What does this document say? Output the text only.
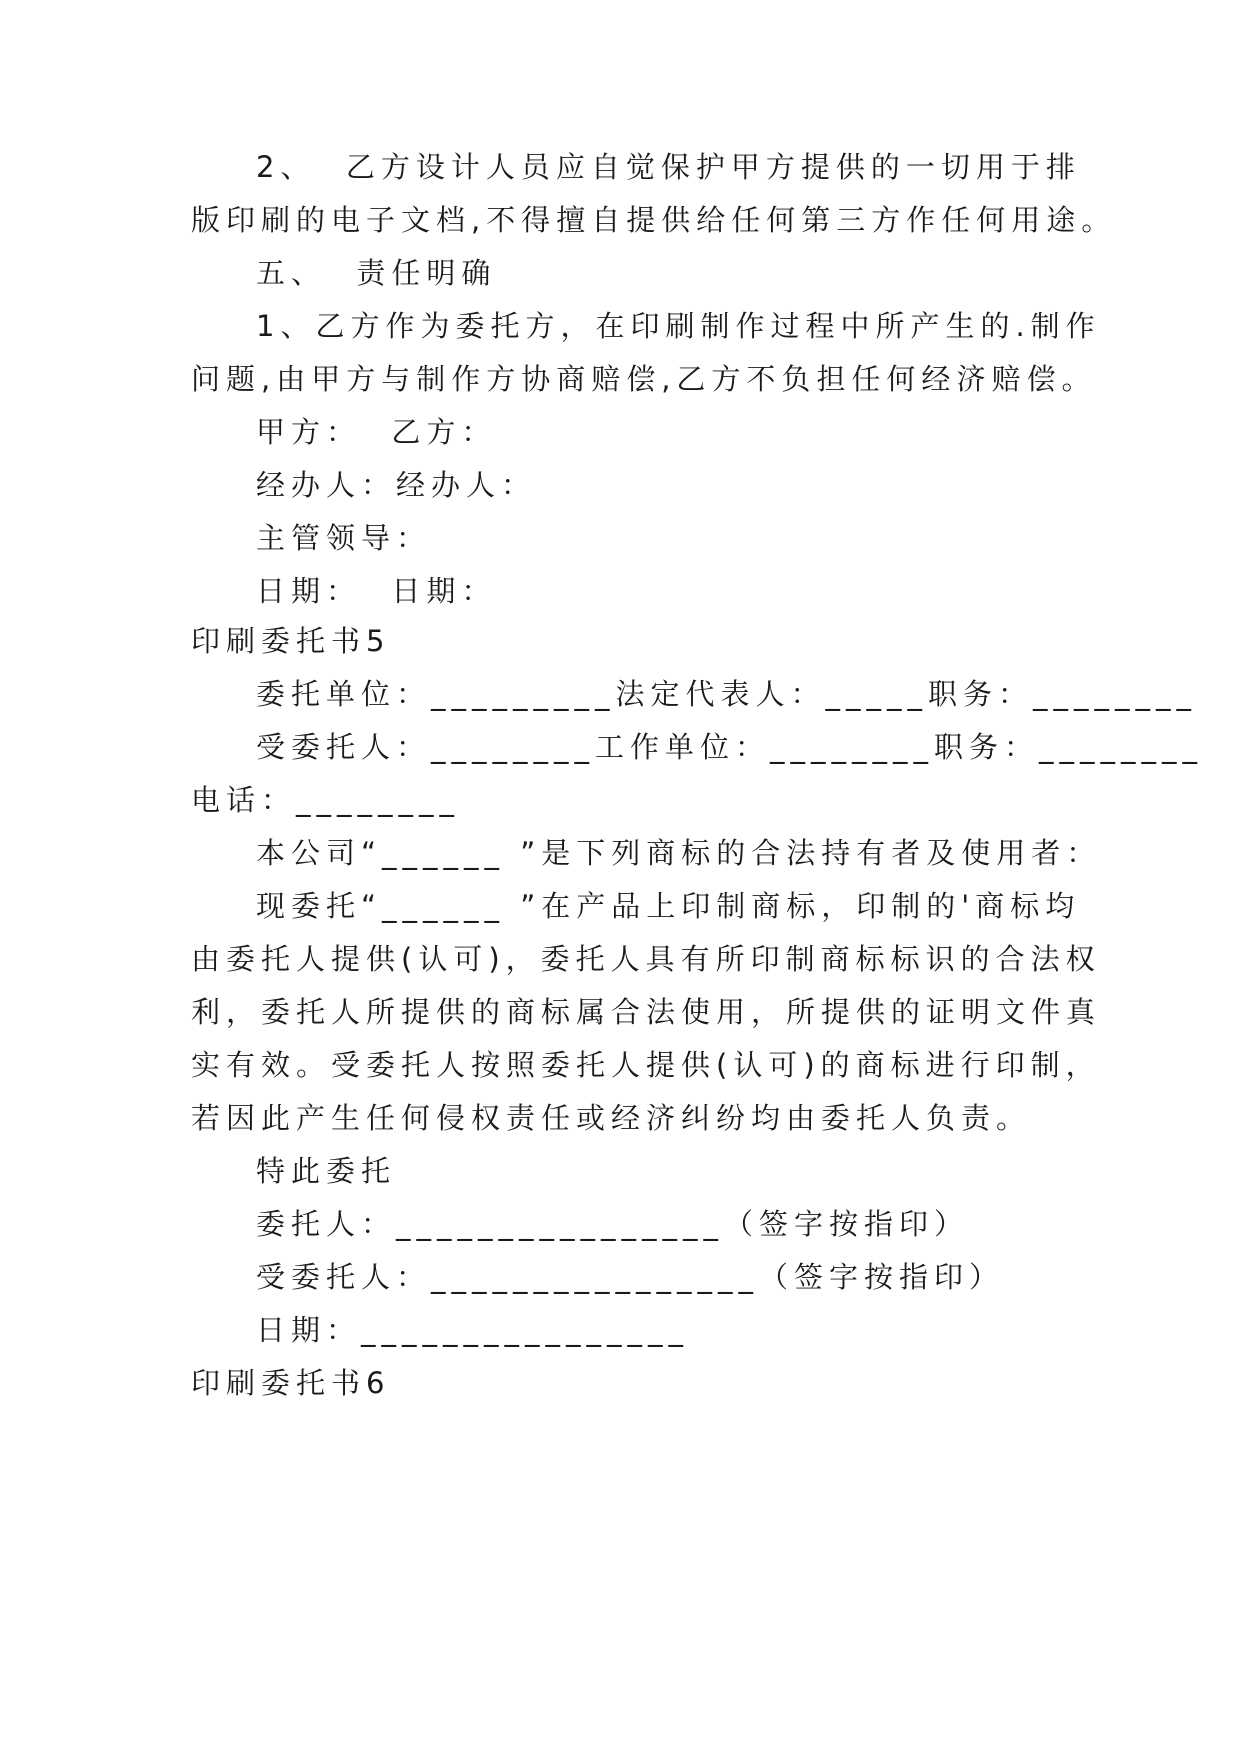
2、  乙方设计人员应自觉保护甲方提供的一切用于排
版印刷的电子文档,不得擅自提供给任何第三方作任何用途。
五、  责任明确
1、乙方作为委托方，在印刷制作过程中所产生的.制作
问题,由甲方与制作方协商赔偿,乙方不负担任何经济赔偿。
甲方：  乙方：
经办人：经办人：
主管领导：
日期：  日期：
印刷委托书5
委托单位：_________法定代表人：_____职务：________
受委托人：________工作单位：________职务：________
电话：________
本公司“______ ”是下列商标的合法持有者及使用者：
现委托“______ ”在产品上印制商标，印制的'商标均
由委托人提供(认可)，委托人具有所印制商标标识的合法权
利，委托人所提供的商标属合法使用，所提供的证明文件真
实有效。受委托人按照委托人提供(认可)的商标进行印制，
若因此产生任何侵权责任或经济纠纷均由委托人负责。
特此委托
委托人：________________（签字按指印）
受委托人：________________（签字按指印）
日期：________________
印刷委托书6
